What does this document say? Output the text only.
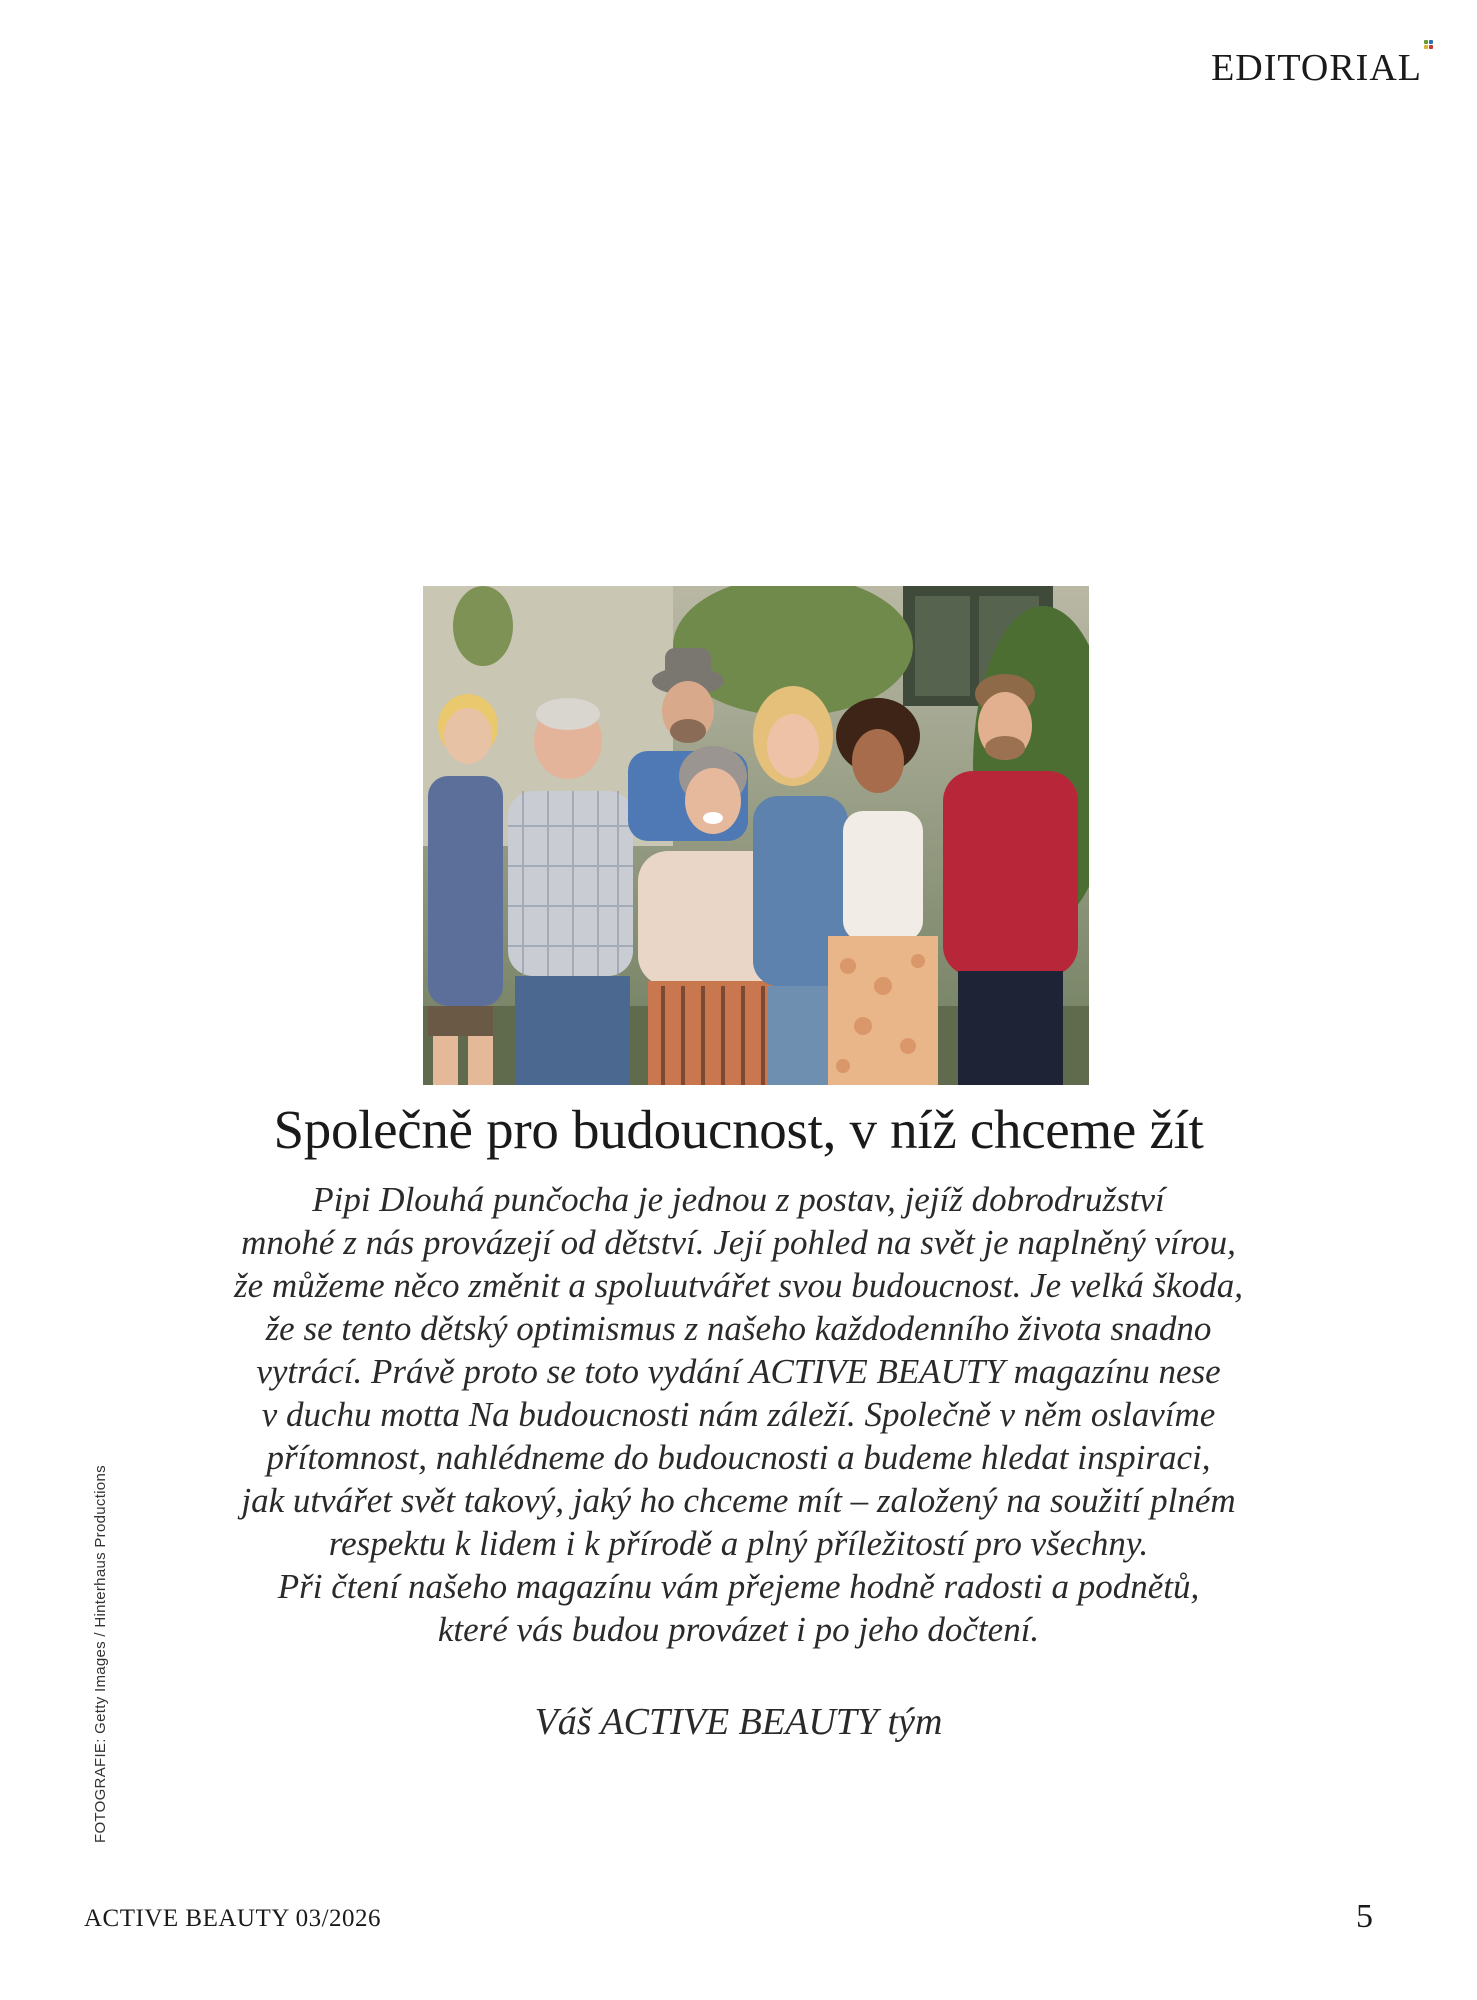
EDITORIAL
Společně pro budoucnost, v níž chceme žít
Pipi Dlouhá punčocha je jednou z postav, jejíž dobrodružství
mnohé z nás provázejí od dětství. Její pohled na svět je naplněný vírou,
že můžeme něco změnit a spoluutvářet svou budoucnost. Je velká škoda,
že se tento dětský optimismus z našeho každodenního života snadno
vytrácí. Právě proto se toto vydání ACTIVE BEAUTY magazínu nese
v duchu motta Na budoucnosti nám záleží. Společně v něm oslavíme
přítomnost, nahlédneme do budoucnosti a budeme hledat inspiraci,
jak utvářet svět takový, jaký ho chceme mít – založený na soužití plném
respektu k lidem i k přírodě a plný příležitostí pro všechny.
Při čtení našeho magazínu vám přejeme hodně radosti a podnětů,
které vás budou provázet i po jeho dočtení.
Váš ACTIVE BEAUTY tým
FOTOGRAFIE: Getty Images / Hinterhaus Productions
ACTIVE BEAUTY 03/2026	5
